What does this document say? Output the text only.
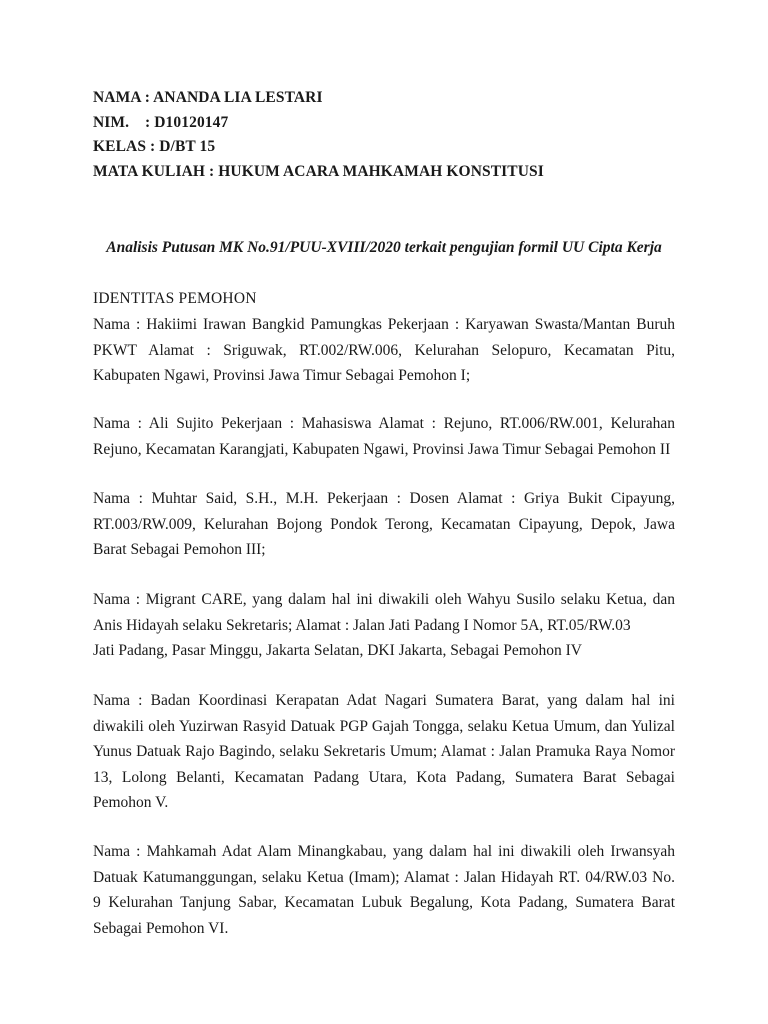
NAMA : ANANDA LIA LESTARI

NIM.    : D10120147

KELAS : D/BT 15

MATA KULIAH : HUKUM ACARA MAHKAMAH KONSTITUSI

Analisis Putusan MK No.91/PUU-XVIII/2020 terkait pengujian formil UU Cipta Kerja

IDENTITAS PEMOHON

Nama : Hakiimi Irawan Bangkid Pamungkas Pekerjaan : Karyawan Swasta/Mantan Buruh
PKWT Alamat : Sriguwak, RT.002/RW.006, Kelurahan Selopuro, Kecamatan Pitu,
Kabupaten Ngawi, Provinsi Jawa Timur Sebagai Pemohon I;

Nama : Ali Sujito Pekerjaan : Mahasiswa Alamat : Rejuno, RT.006/RW.001, Kelurahan
Rejuno, Kecamatan Karangjati, Kabupaten Ngawi, Provinsi Jawa Timur Sebagai Pemohon II

Nama : Muhtar Said, S.H., M.H. Pekerjaan : Dosen Alamat : Griya Bukit Cipayung,
RT.003/RW.009, Kelurahan Bojong Pondok Terong, Kecamatan Cipayung, Depok, Jawa
Barat Sebagai Pemohon III;

Nama : Migrant CARE, yang dalam hal ini diwakili oleh Wahyu Susilo selaku Ketua, dan
Anis Hidayah selaku Sekretaris; Alamat : Jalan Jati Padang I Nomor 5A, RT.05/RW.03
Jati Padang, Pasar Minggu, Jakarta Selatan, DKI Jakarta, Sebagai Pemohon IV

Nama : Badan Koordinasi Kerapatan Adat Nagari Sumatera Barat, yang dalam hal ini
diwakili oleh Yuzirwan Rasyid Datuak PGP Gajah Tongga, selaku Ketua Umum, dan Yulizal
Yunus Datuak Rajo Bagindo, selaku Sekretaris Umum; Alamat : Jalan Pramuka Raya Nomor
13, Lolong Belanti, Kecamatan Padang Utara, Kota Padang, Sumatera Barat Sebagai
Pemohon V.

Nama : Mahkamah Adat Alam Minangkabau, yang dalam hal ini diwakili oleh Irwansyah
Datuak Katumanggungan, selaku Ketua (Imam); Alamat : Jalan Hidayah RT. 04/RW.03 No.
9 Kelurahan Tanjung Sabar, Kecamatan Lubuk Begalung, Kota Padang, Sumatera Barat
Sebagai Pemohon VI.
